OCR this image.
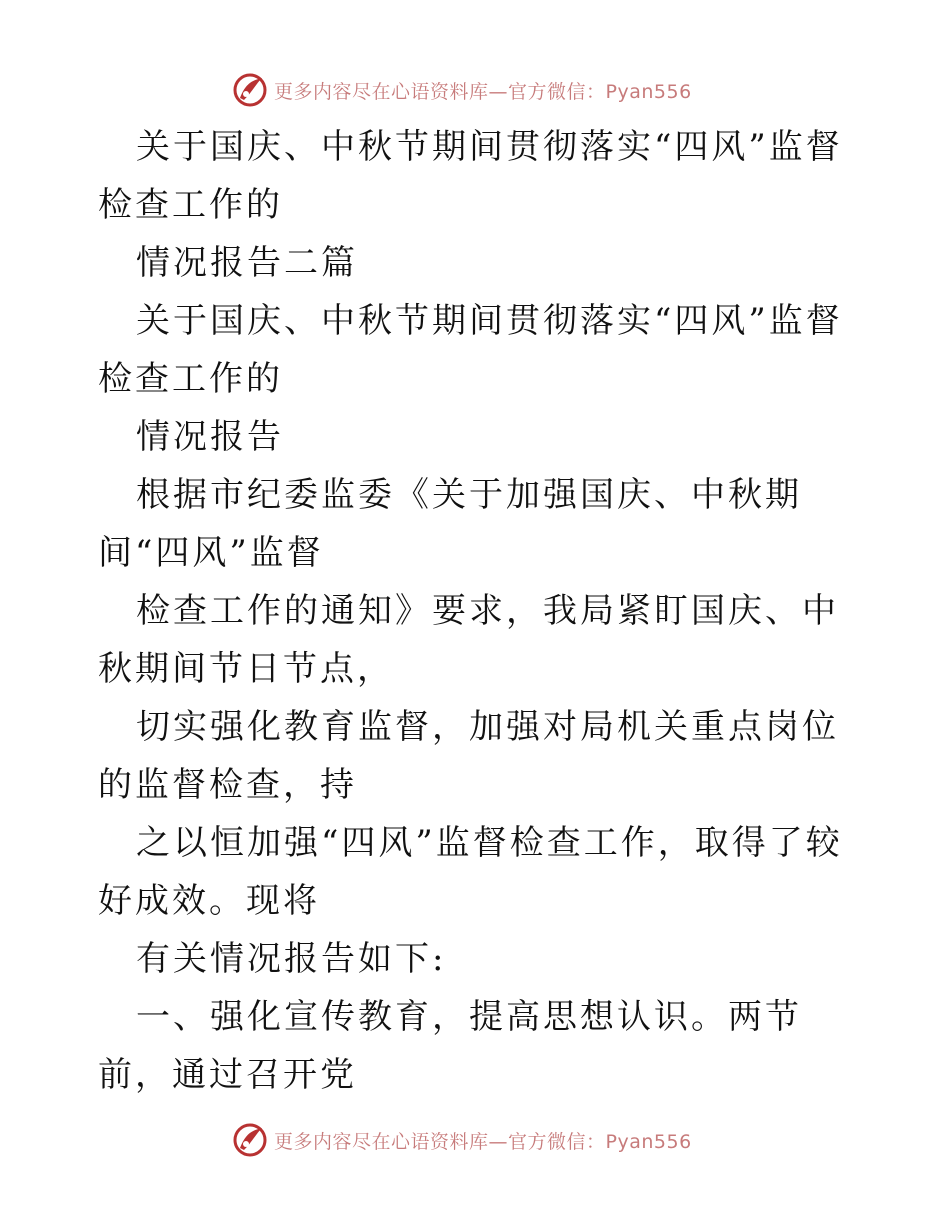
更多内容尽在心语资料库—官方微信：Pyan556

关于国庆、中秋节期间贯彻落实“四风”监督检查工作的

情况报告二篇

关于国庆、中秋节期间贯彻落实“四风”监督检查工作的

情况报告

根据市纪委监委《关于加强国庆、中秋期间“四风”监督

检查工作的通知》要求，我局紧盯国庆、中秋期间节日节点，

切实强化教育监督，加强对局机关重点岗位的监督检查，持

之以恒加强“四风”监督检查工作，取得了较好成效。现将

有关情况报告如下:

一、强化宣传教育，提高思想认识。两节前，通过召开党

更多内容尽在心语资料库—官方微信：Pyan556
